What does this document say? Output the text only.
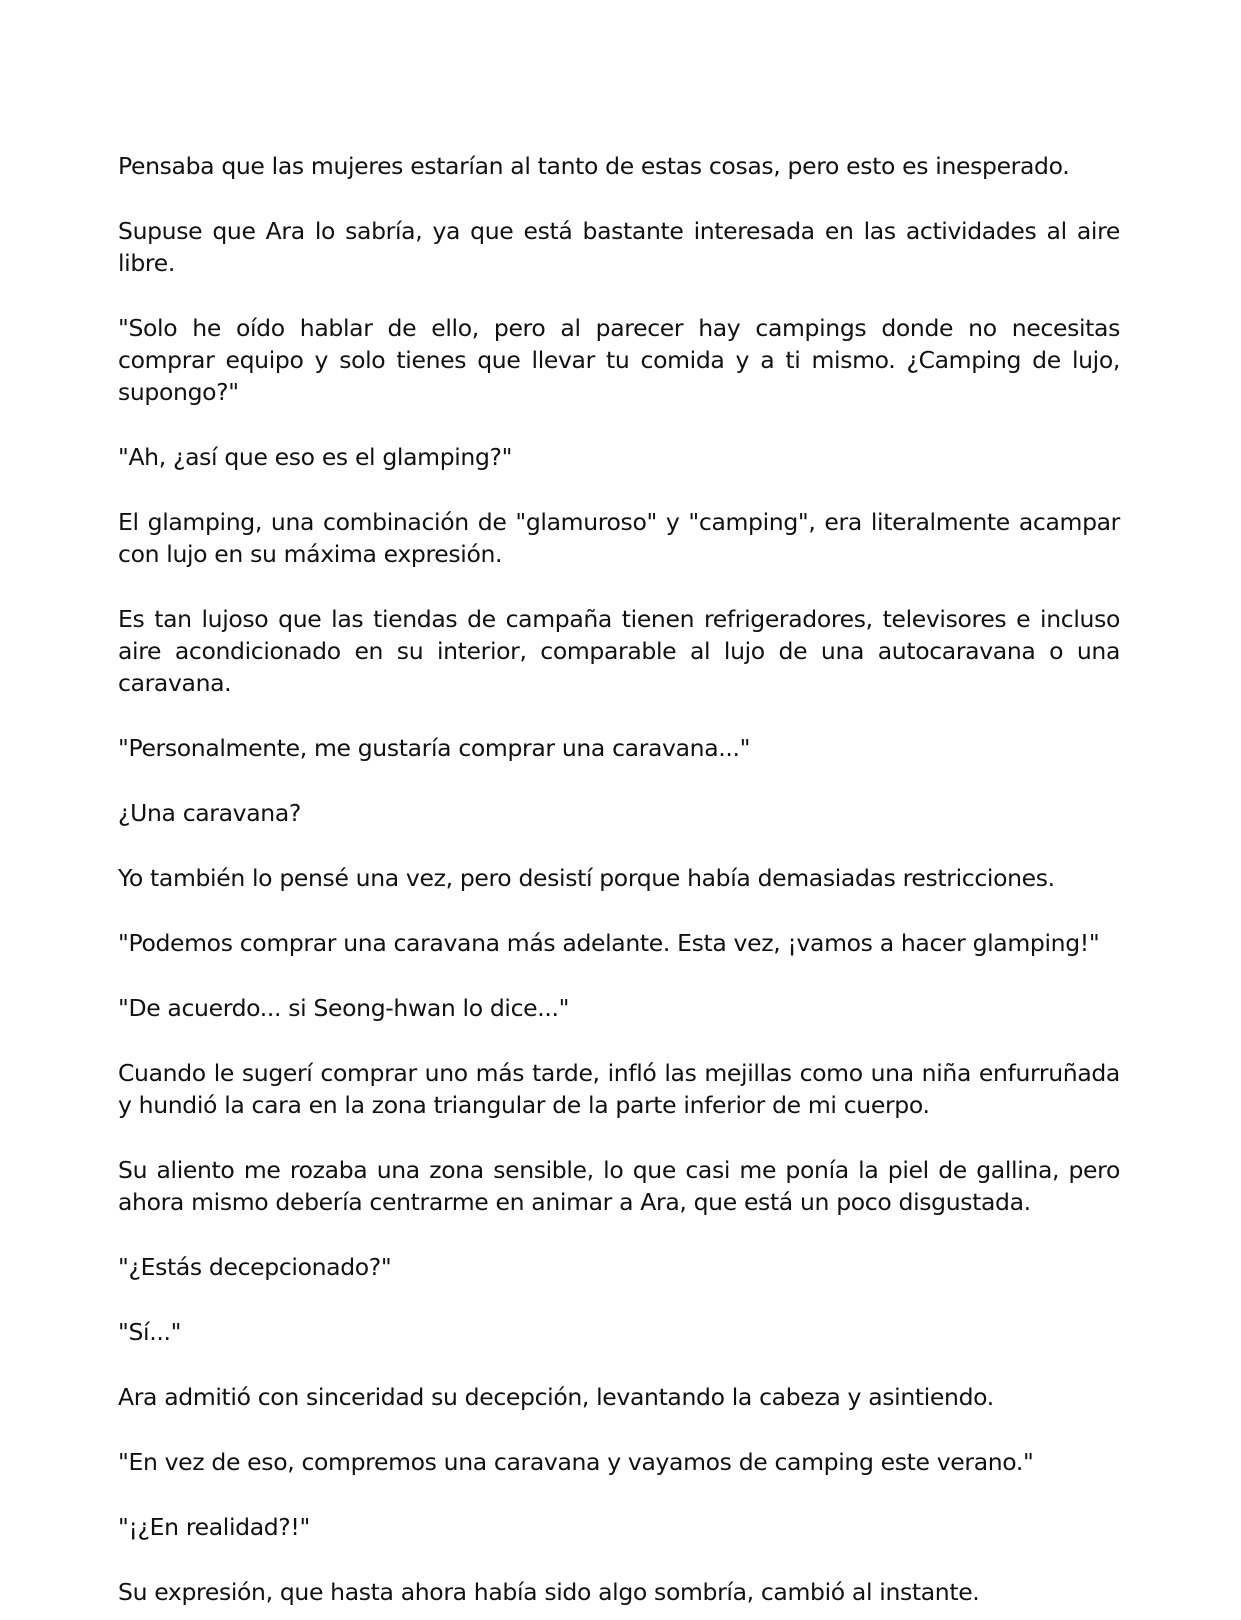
Pensaba que las mujeres estarían al tanto de estas cosas, pero esto es inesperado.

Supuse que Ara lo sabría, ya que está bastante interesada en las actividades al aire libre.

"Solo he oído hablar de ello, pero al parecer hay campings donde no necesitas comprar equipo y solo tienes que llevar tu comida y a ti mismo. ¿Camping de lujo, supongo?"

"Ah, ¿así que eso es el glamping?"

El glamping, una combinación de "glamuroso" y "camping", era literalmente acampar con lujo en su máxima expresión.

Es tan lujoso que las tiendas de campaña tienen refrigeradores, televisores e incluso aire acondicionado en su interior, comparable al lujo de una autocaravana o una caravana.

"Personalmente, me gustaría comprar una caravana..."

¿Una caravana?

Yo también lo pensé una vez, pero desistí porque había demasiadas restricciones.

"Podemos comprar una caravana más adelante. Esta vez, ¡vamos a hacer glamping!"

"De acuerdo... si Seong-hwan lo dice..."

Cuando le sugerí comprar uno más tarde, infló las mejillas como una niña enfurruñada y hundió la cara en la zona triangular de la parte inferior de mi cuerpo.

Su aliento me rozaba una zona sensible, lo que casi me ponía la piel de gallina, pero ahora mismo debería centrarme en animar a Ara, que está un poco disgustada.

"¿Estás decepcionado?"

"Sí..."

Ara admitió con sinceridad su decepción, levantando la cabeza y asintiendo.

"En vez de eso, compremos una caravana y vayamos de camping este verano."

"¡¿En realidad?!"

Su expresión, que hasta ahora había sido algo sombría, cambió al instante.
